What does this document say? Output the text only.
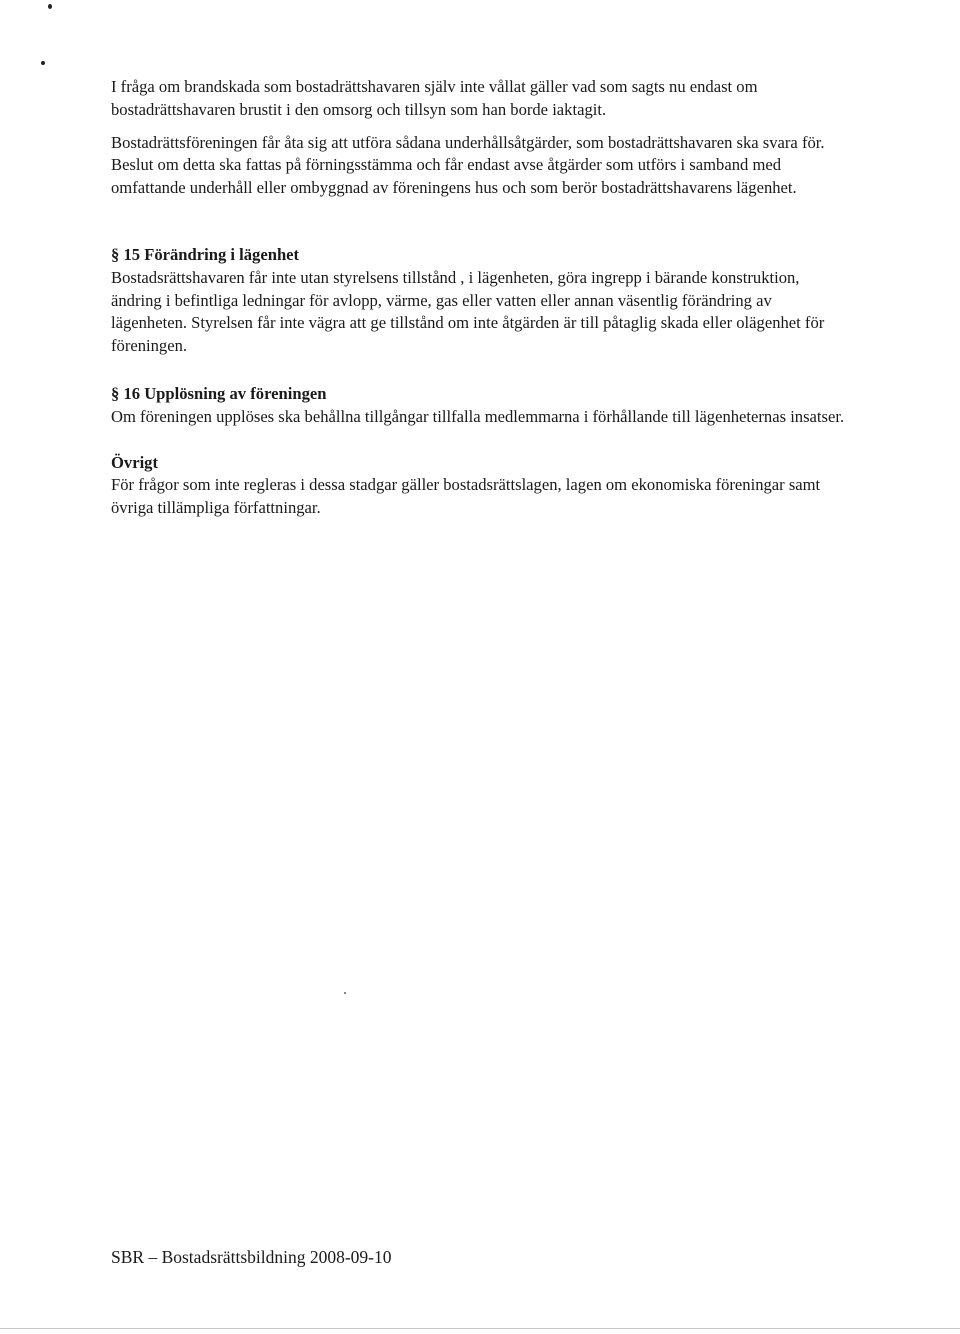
I fråga om brandskada som bostadrättshavaren själv inte vållat gäller vad som sagts nu endast om bostadrättshavaren brustit i den omsorg och tillsyn som han borde iaktagit.

Bostadrättsföreningen får åta sig att utföra sådana underhållsåtgärder, som bostadrättshavaren ska svara för. Beslut om detta ska fattas på förningsstämma och får endast avse åtgärder som utförs i samband med omfattande underhåll eller ombyggnad av föreningens hus och som berör bostadrättshavarens lägenhet.

§ 15 Förändring i lägenhet

Bostadsrättshavaren får inte utan styrelsens tillstånd , i lägenheten, göra ingrepp i bärande konstruktion, ändring i befintliga ledningar för avlopp, värme, gas eller vatten eller annan väsentlig förändring av lägenheten. Styrelsen får inte vägra att ge tillstånd om inte åtgärden är till påtaglig skada eller olägenhet för föreningen.

§ 16 Upplösning av föreningen

Om föreningen upplöses ska behållna tillgångar tillfalla medlemmarna i förhållande till lägenheternas insatser.

Övrigt

För frågor som inte regleras i dessa stadgar gäller bostadsrättslagen, lagen om ekonomiska föreningar samt övriga tillämpliga författningar.

SBR – Bostadsrättsbildning 2008-09-10
